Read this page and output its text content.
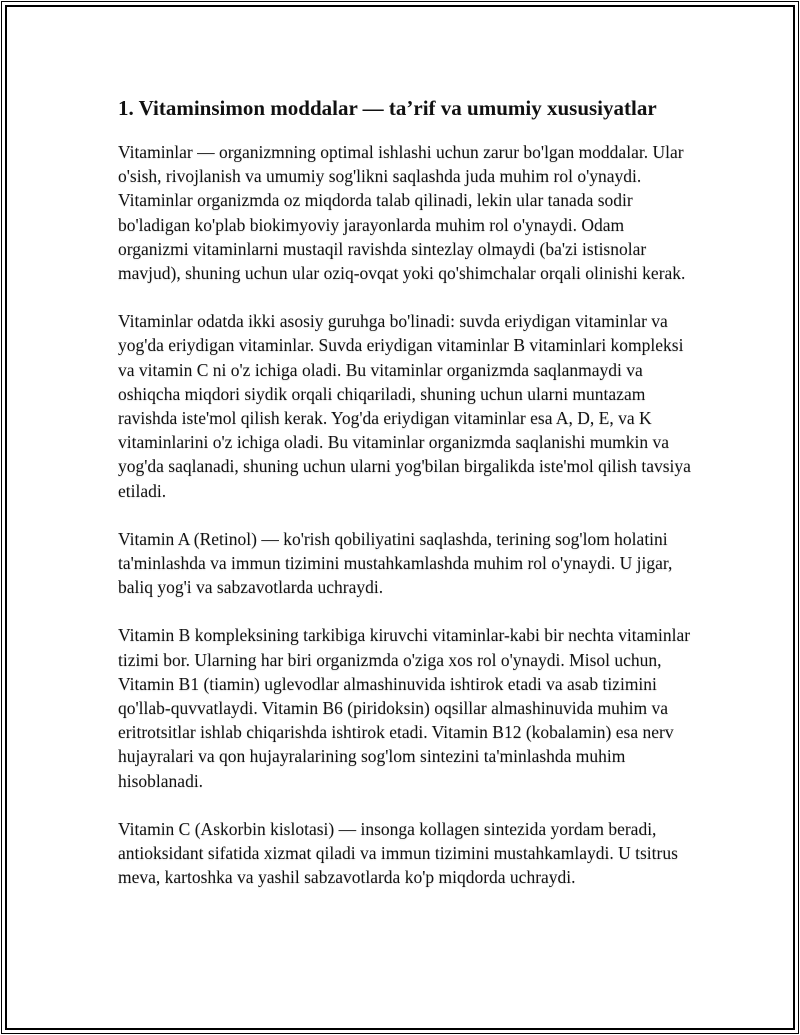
1. Vitaminsimon moddalar — ta’rif va umumiy xususiyatlar

Vitaminlar — organizmning optimal ishlashi uchun zarur bo'lgan moddalar. Ular o'sish, rivojlanish va umumiy sog'likni saqlashda juda muhim rol o'ynaydi. Vitaminlar organizmda oz miqdorda talab qilinadi, lekin ular tanada sodir bo'ladigan ko'plab biokimyoviy jarayonlarda muhim rol o'ynaydi. Odam organizmi vitaminlarni mustaqil ravishda sintezlay olmaydi (ba'zi istisnolar mavjud), shuning uchun ular oziq-ovqat yoki qo'shimchalar orqali olinishi kerak.

Vitaminlar odatda ikki asosiy guruhga bo'linadi: suvda eriydigan vitaminlar va yog'da eriydigan vitaminlar. Suvda eriydigan vitaminlar B vitaminlari kompleksi va vitamin C ni o'z ichiga oladi. Bu vitaminlar organizmda saqlanmaydi va oshiqcha miqdori siydik orqali chiqariladi, shuning uchun ularni muntazam ravishda iste'mol qilish kerak. Yog'da eriydigan vitaminlar esa A, D, E, va K vitaminlarini o'z ichiga oladi. Bu vitaminlar organizmda saqlanishi mumkin va yog'da saqlanadi, shuning uchun ularni yog'bilan birgalikda iste'mol qilish tavsiya etiladi.

Vitamin A (Retinol) — ko'rish qobiliyatini saqlashda, terining sog'lom holatini ta'minlashda va immun tizimini mustahkamlashda muhim rol o'ynaydi. U jigar, baliq yog'i va sabzavotlarda uchraydi.

Vitamin B kompleksining tarkibiga kiruvchi vitaminlar-kabi bir nechta vitaminlar tizimi bor. Ularning har biri organizmda o'ziga xos rol o'ynaydi. Misol uchun, Vitamin B1 (tiamin) uglevodlar almashinuvida ishtirok etadi va asab tizimini qo'llab-quvvatlaydi. Vitamin B6 (piridoksin) oqsillar almashinuvida muhim va eritrotsitlar ishlab chiqarishda ishtirok etadi. Vitamin B12 (kobalamin) esa nerv hujayralari va qon hujayralarining sog'lom sintezini ta'minlashda muhim hisoblanadi.

Vitamin C (Askorbin kislotasi) — insonga kollagen sintezida yordam beradi, antioksidant sifatida xizmat qiladi va immun tizimini mustahkamlaydi. U tsitrus meva, kartoshka va yashil sabzavotlarda ko'p miqdorda uchraydi.
